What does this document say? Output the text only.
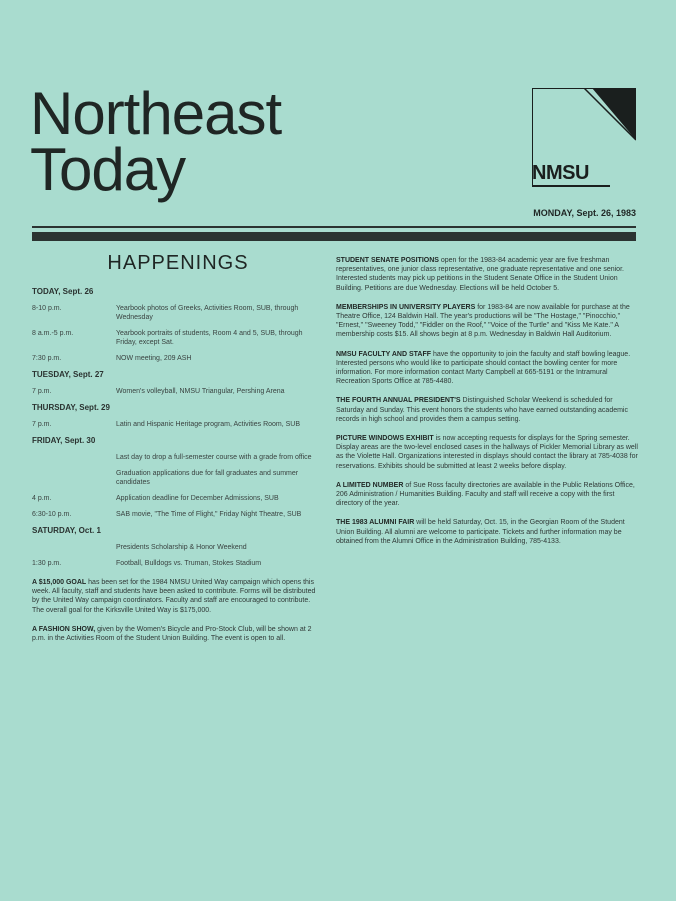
Northeast
Today	NMSU
MONDAY, Sept. 26, 1983
HAPPENINGS
TODAY, Sept. 26
8-10 p.m.	Yearbook photos of Greeks, Activities Room, SUB, through Wednesday
8 a.m.-5 p.m.	Yearbook portraits of students, Room 4 and 5, SUB, through Friday, except Sat.
7:30 p.m.	NOW meeting, 209 ASH
TUESDAY, Sept. 27
7 p.m.	Women's volleyball, NMSU Triangular, Pershing Arena
THURSDAY, Sept. 29
7 p.m.	Latin and Hispanic Heritage program, Activities Room, SUB
FRIDAY, Sept. 30
Last day to drop a full-semester course with a grade from office
Graduation applications due for fall graduates and summer candidates
4 p.m.	Application deadline for December Admissions, SUB
6:30-10 p.m.	SAB movie, "The Time of Flight," Friday Night Theatre, SUB
SATURDAY, Oct. 1
Presidents Scholarship & Honor Weekend
1:30 p.m.	Football, Bulldogs vs. Truman, Stokes Stadium

A $15,000 GOAL has been set for the 1984 NMSU United Way campaign which opens this week. All faculty, staff and students have been asked to contribute. Forms will be distributed by the United Way campaign coordinators. Faculty and staff are encouraged to contribute. The overall goal for the Kirksville United Way is $175,000.

A FASHION SHOW, given by the Women's Bicycle and Pro-Stock Club, will be shown at 2 p.m. in the Activities Room of the Student Union Building. The event is open to all.

STUDENT SENATE POSITIONS open for the 1983-84 academic year are five freshman representatives, one junior class representative, one graduate representative and one senior. Interested students may pick up petitions in the Student Senate Office in the Student Union Building. Petitions are due Wednesday. Elections will be held October 5.

MEMBERSHIPS IN UNIVERSITY PLAYERS for 1983-84 are now available for purchase at the Theatre Office, 124 Baldwin Hall. The year's productions will be "The Hostage," "Pinocchio," "Ernest," "Sweeney Todd," "Fiddler on the Roof," "Voice of the Turtle" and "Kiss Me Kate." A membership costs $15. All shows begin at 8 p.m. Wednesday in Baldwin Hall Auditorium.

NMSU FACULTY AND STAFF have the opportunity to join the faculty and staff bowling league. Interested persons who would like to participate should contact the bowling center for more information. For more information contact Marty Campbell at 665-5191 or the Intramural Recreation Sports Office at 785-4480.

THE FOURTH ANNUAL PRESIDENT'S Distinguished Scholar Weekend is scheduled for Saturday and Sunday. This event honors the students who have earned outstanding academic records in high school and provides them a campus setting.

PICTURE WINDOWS EXHIBIT is now accepting requests for displays for the Spring semester. Display areas are the two-level enclosed cases in the hallways of Pickler Memorial Library as well as the Violette Hall. Organizations interested in displays should contact the library at 785-4038 for reservations. Exhibits should be submitted at least 2 weeks before display.

A LIMITED NUMBER of Sue Ross faculty directories are available in the Public Relations Office, 206 Administration / Humanities Building. Faculty and staff will receive a copy with the first directory of the year.

THE 1983 ALUMNI FAIR will be held Saturday, Oct. 15, in the Georgian Room of the Student Union Building. All alumni are welcome to participate. Tickets and further information may be obtained from the Alumni Office in the Administration Building, 785-4133.
